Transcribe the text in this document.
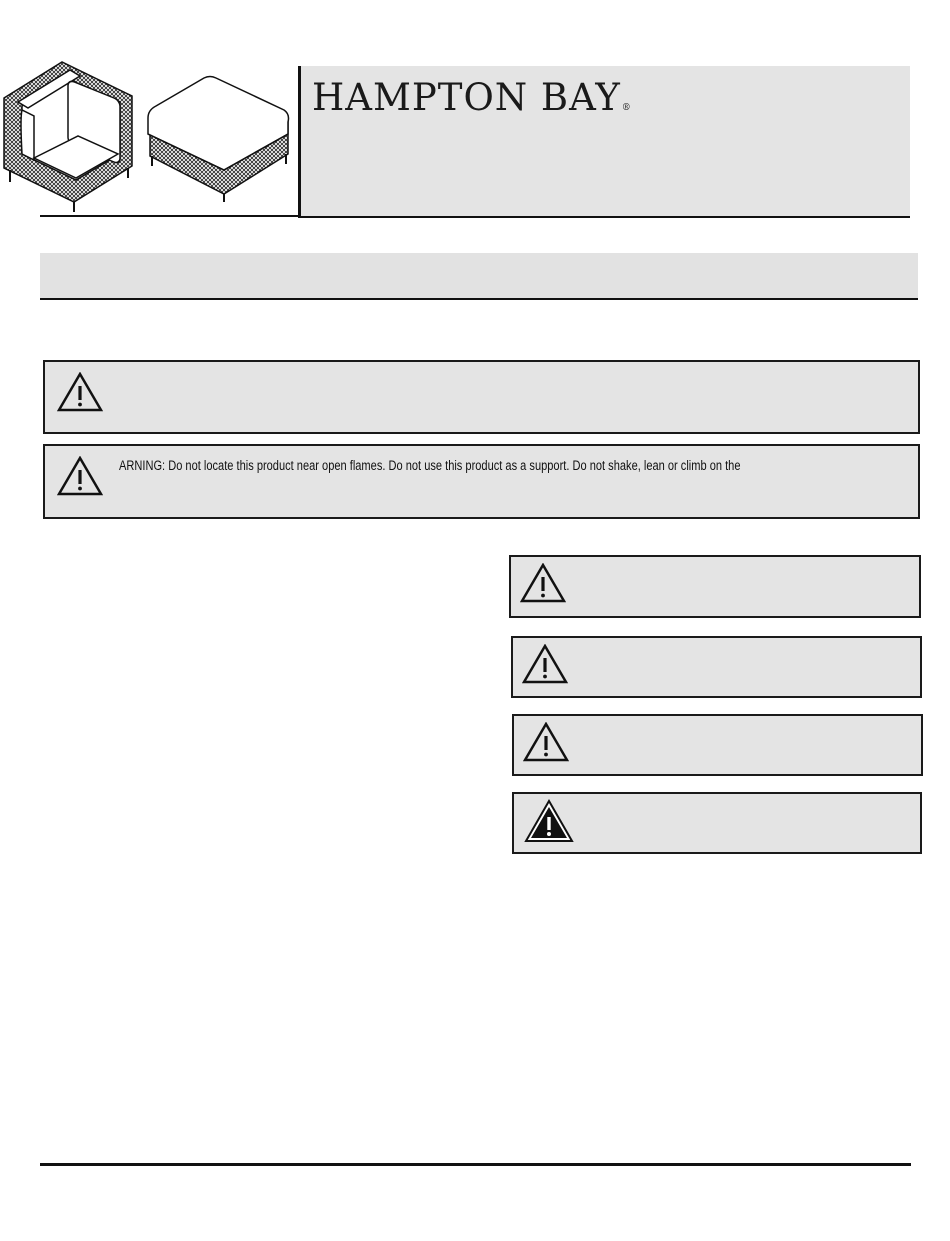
HAMPTON BAY®
ARNING: Do not locate this product near open flames. Do not use this product as a support. Do not shake, lean or climb on the
